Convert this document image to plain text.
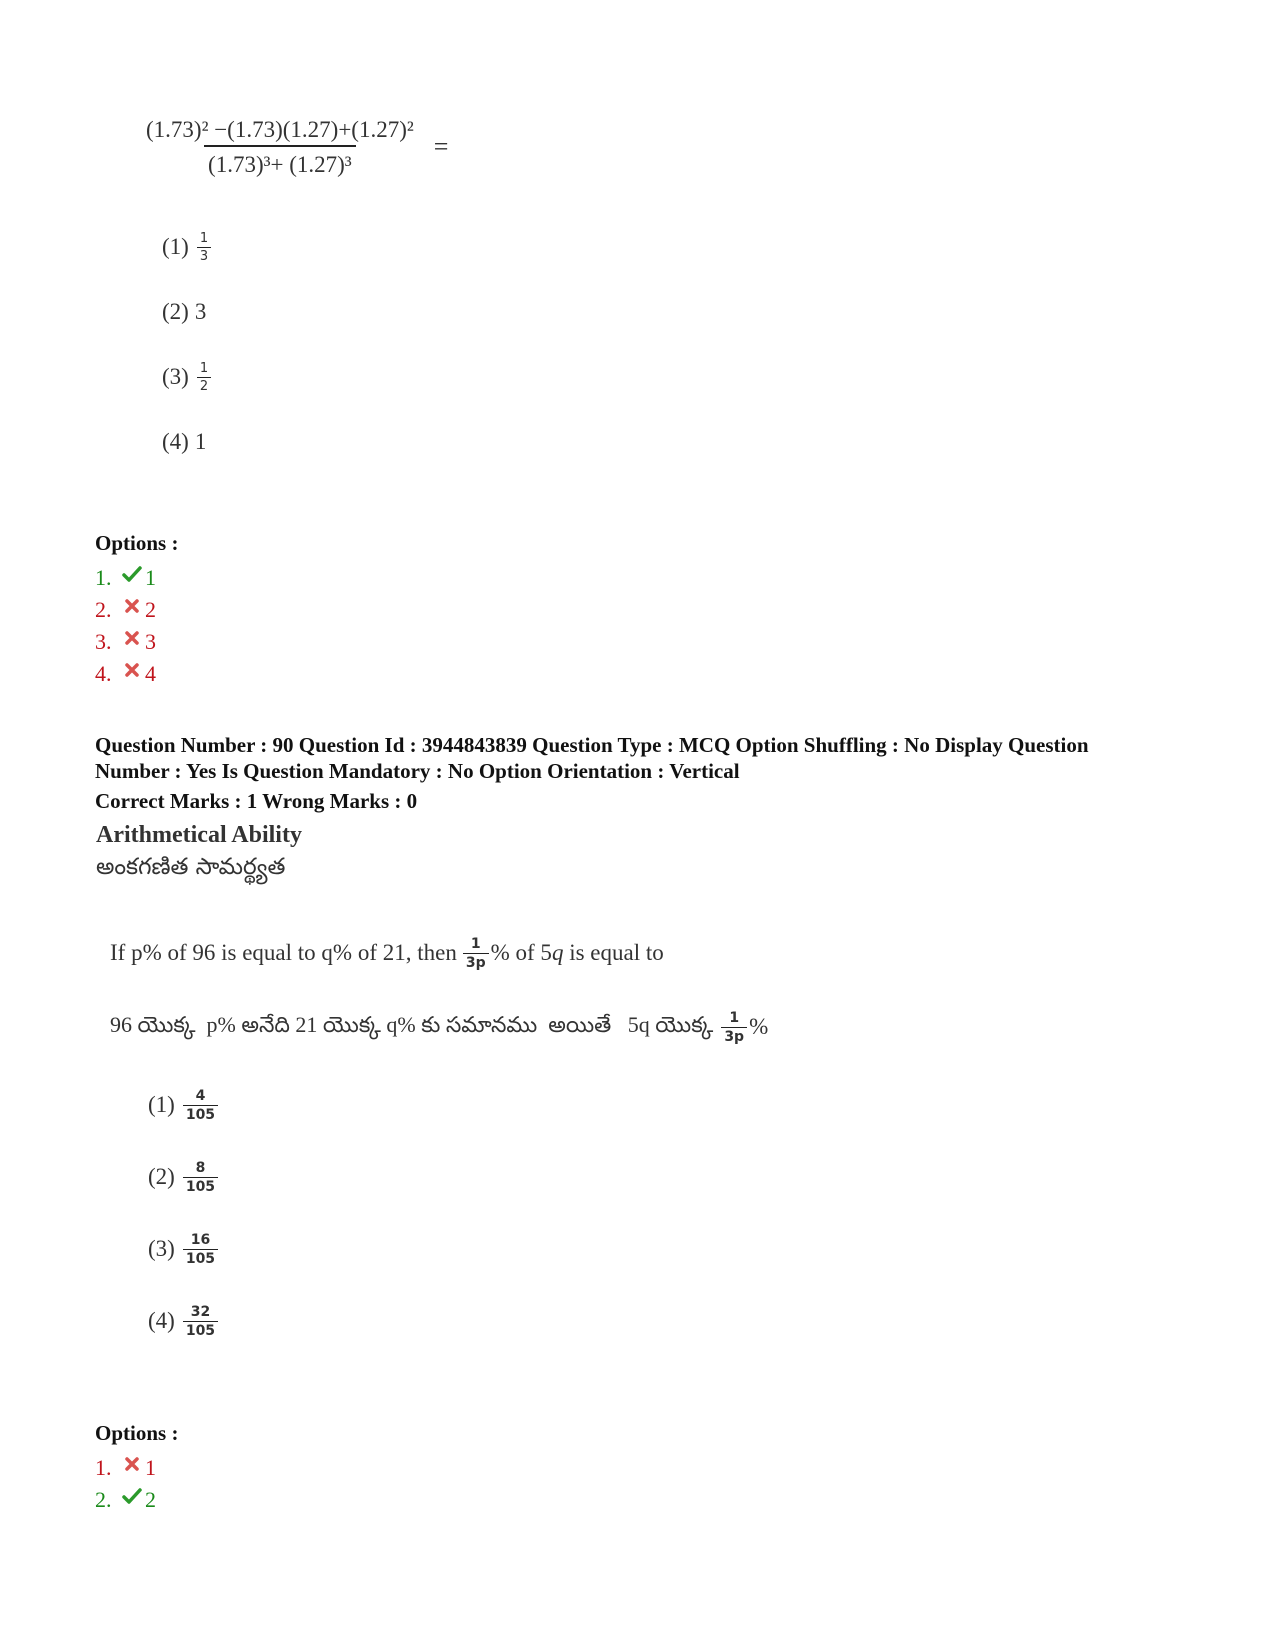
$\frac{\text{(1.73)² −(1.73)(1.27)+(1.27)²}}{\text{(1.73)³+ (1.27)³}}$ =
$(1) \frac{1}{3}$
(2) 3
$(3) \frac{1}{2}$
(4) 1
Options :
1.	1
2.	2
3.	3
4.	4
Question Number : 90 Question Id : 3944843839 Question Type : MCQ Option Shuffling : No Display Question
Number : Yes Is Question Mandatory : No Option Orientation : Vertical
Correct Marks : 1 Wrong Marks : 0
Arithmetical Ability
అంకగణిత సామర్థ్యత
If p% of 96 is equal to q% of 21, then $\frac{1}{3p}$ % of 5 q is equal to
96 యొక్క  p% అనేది 21 యొక్క q% కు సమానము  అయితే   5q యొక్క $\frac{1}{3p}$ %
$(1) \frac{4}{105}$
$(2) \frac{8}{105}$
$(3) \frac{16}{105}$
$(4) \frac{32}{105}$
Options :
1.	1
2.	2
